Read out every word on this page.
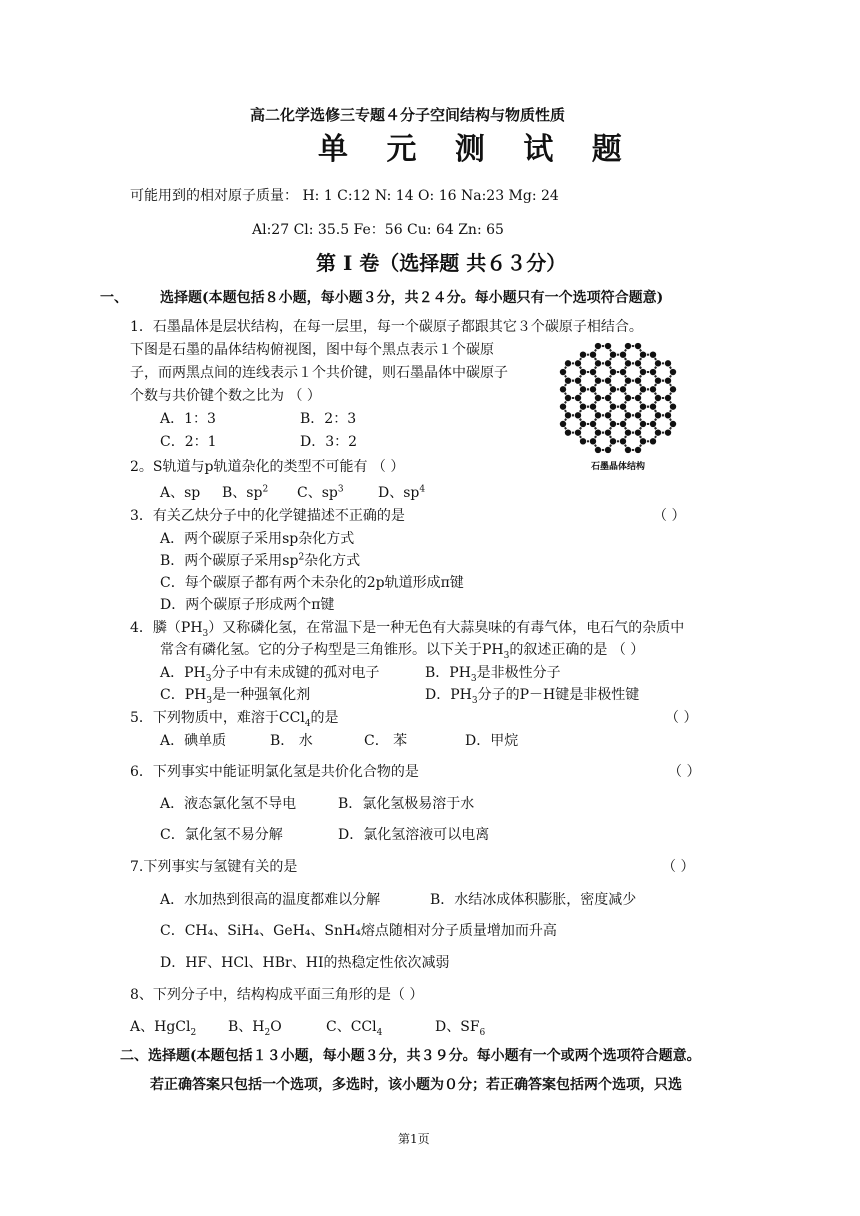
高二化学选修三专题４分子空间结构与物质性质
单 元 测 试 题
可能用到的相对原子质量： H: 1 C:12 N: 14 O: 16 Na:23 Mg: 24
Al:27 Cl: 35.5 Fe：56 Cu: 64 Zn: 65
第 Ⅰ 卷（选择题 共６３分）
一、 选择题(本题包括８小题，每小题３分，共２４分。每小题只有一个选项符合题意)
1．石墨晶体是层状结构，在每一层里，每一个碳原子都跟其它３个碳原子相结合。
下图是石墨的晶体结构俯视图，图中每个黑点表示１个碳原
子，而两黑点间的连线表示１个共价键，则石墨晶体中碳原子
个数与共价键个数之比为 （ ）
A．1：3	B．2：3
C．2：1	D．3：2
石墨晶体结构
2。S轨道与p轨道杂化的类型不可能有 （ ）
A、sp B、$sp^2$ C、$sp^3$ D、$sp^4$
3．有关乙炔分子中的化学键描述不正确的是	（ ）
A．两个碳原子采用sp杂化方式
B．两个碳原子采用$sp^2$杂化方式
C．每个碳原子都有两个未杂化的2p轨道形成π键
D．两个碳原子形成两个π键
4．膦$(PH_3)$又称磷化氢，在常温下是一种无色有大蒜臭味的有毒气体，电石气的杂质中
常含有磷化氢。它的分子构型是三角锥形。以下关于$PH_3$的叙述正确的是 （ ）
A．$PH_3$分子中有未成键的孤对电子	B．$PH_3$是非极性分子
C．$PH_3$是一种强氧化剂	D．$PH_3$分子的P－H键是非极性键
5．下列物质中，难溶于CCl$_4$的是	（ ）
A．碘单质	B． 水	C． 苯	D．甲烷
6．下列事实中能证明氯化氢是共价化合物的是	（ ）
A．液态氯化氢不导电	B．氯化氢极易溶于水
C．氯化氢不易分解	D．氯化氢溶液可以电离
7.下列事实与氢键有关的是	（ ）
A．水加热到很高的温度都难以分解	B．水结冰成体积膨胀，密度减少
C．CH₄、SiH₄、GeH₄、SnH₄熔点随相对分子质量增加而升高
D．HF、HCl、HBr、HI的热稳定性依次减弱
8、下列分子中，结构构成平面三角形的是（ ）
A、HgCl$_2$ B、$H_2O$	C、CCl$_4$	D、$SF_6$
二、选择题(本题包括１３小题，每小题３分，共３９分。每小题有一个或两个选项符合题意。
若正确答案只包括一个选项，多选时，该小题为０分；若正确答案包括两个选项，只选
第1页
